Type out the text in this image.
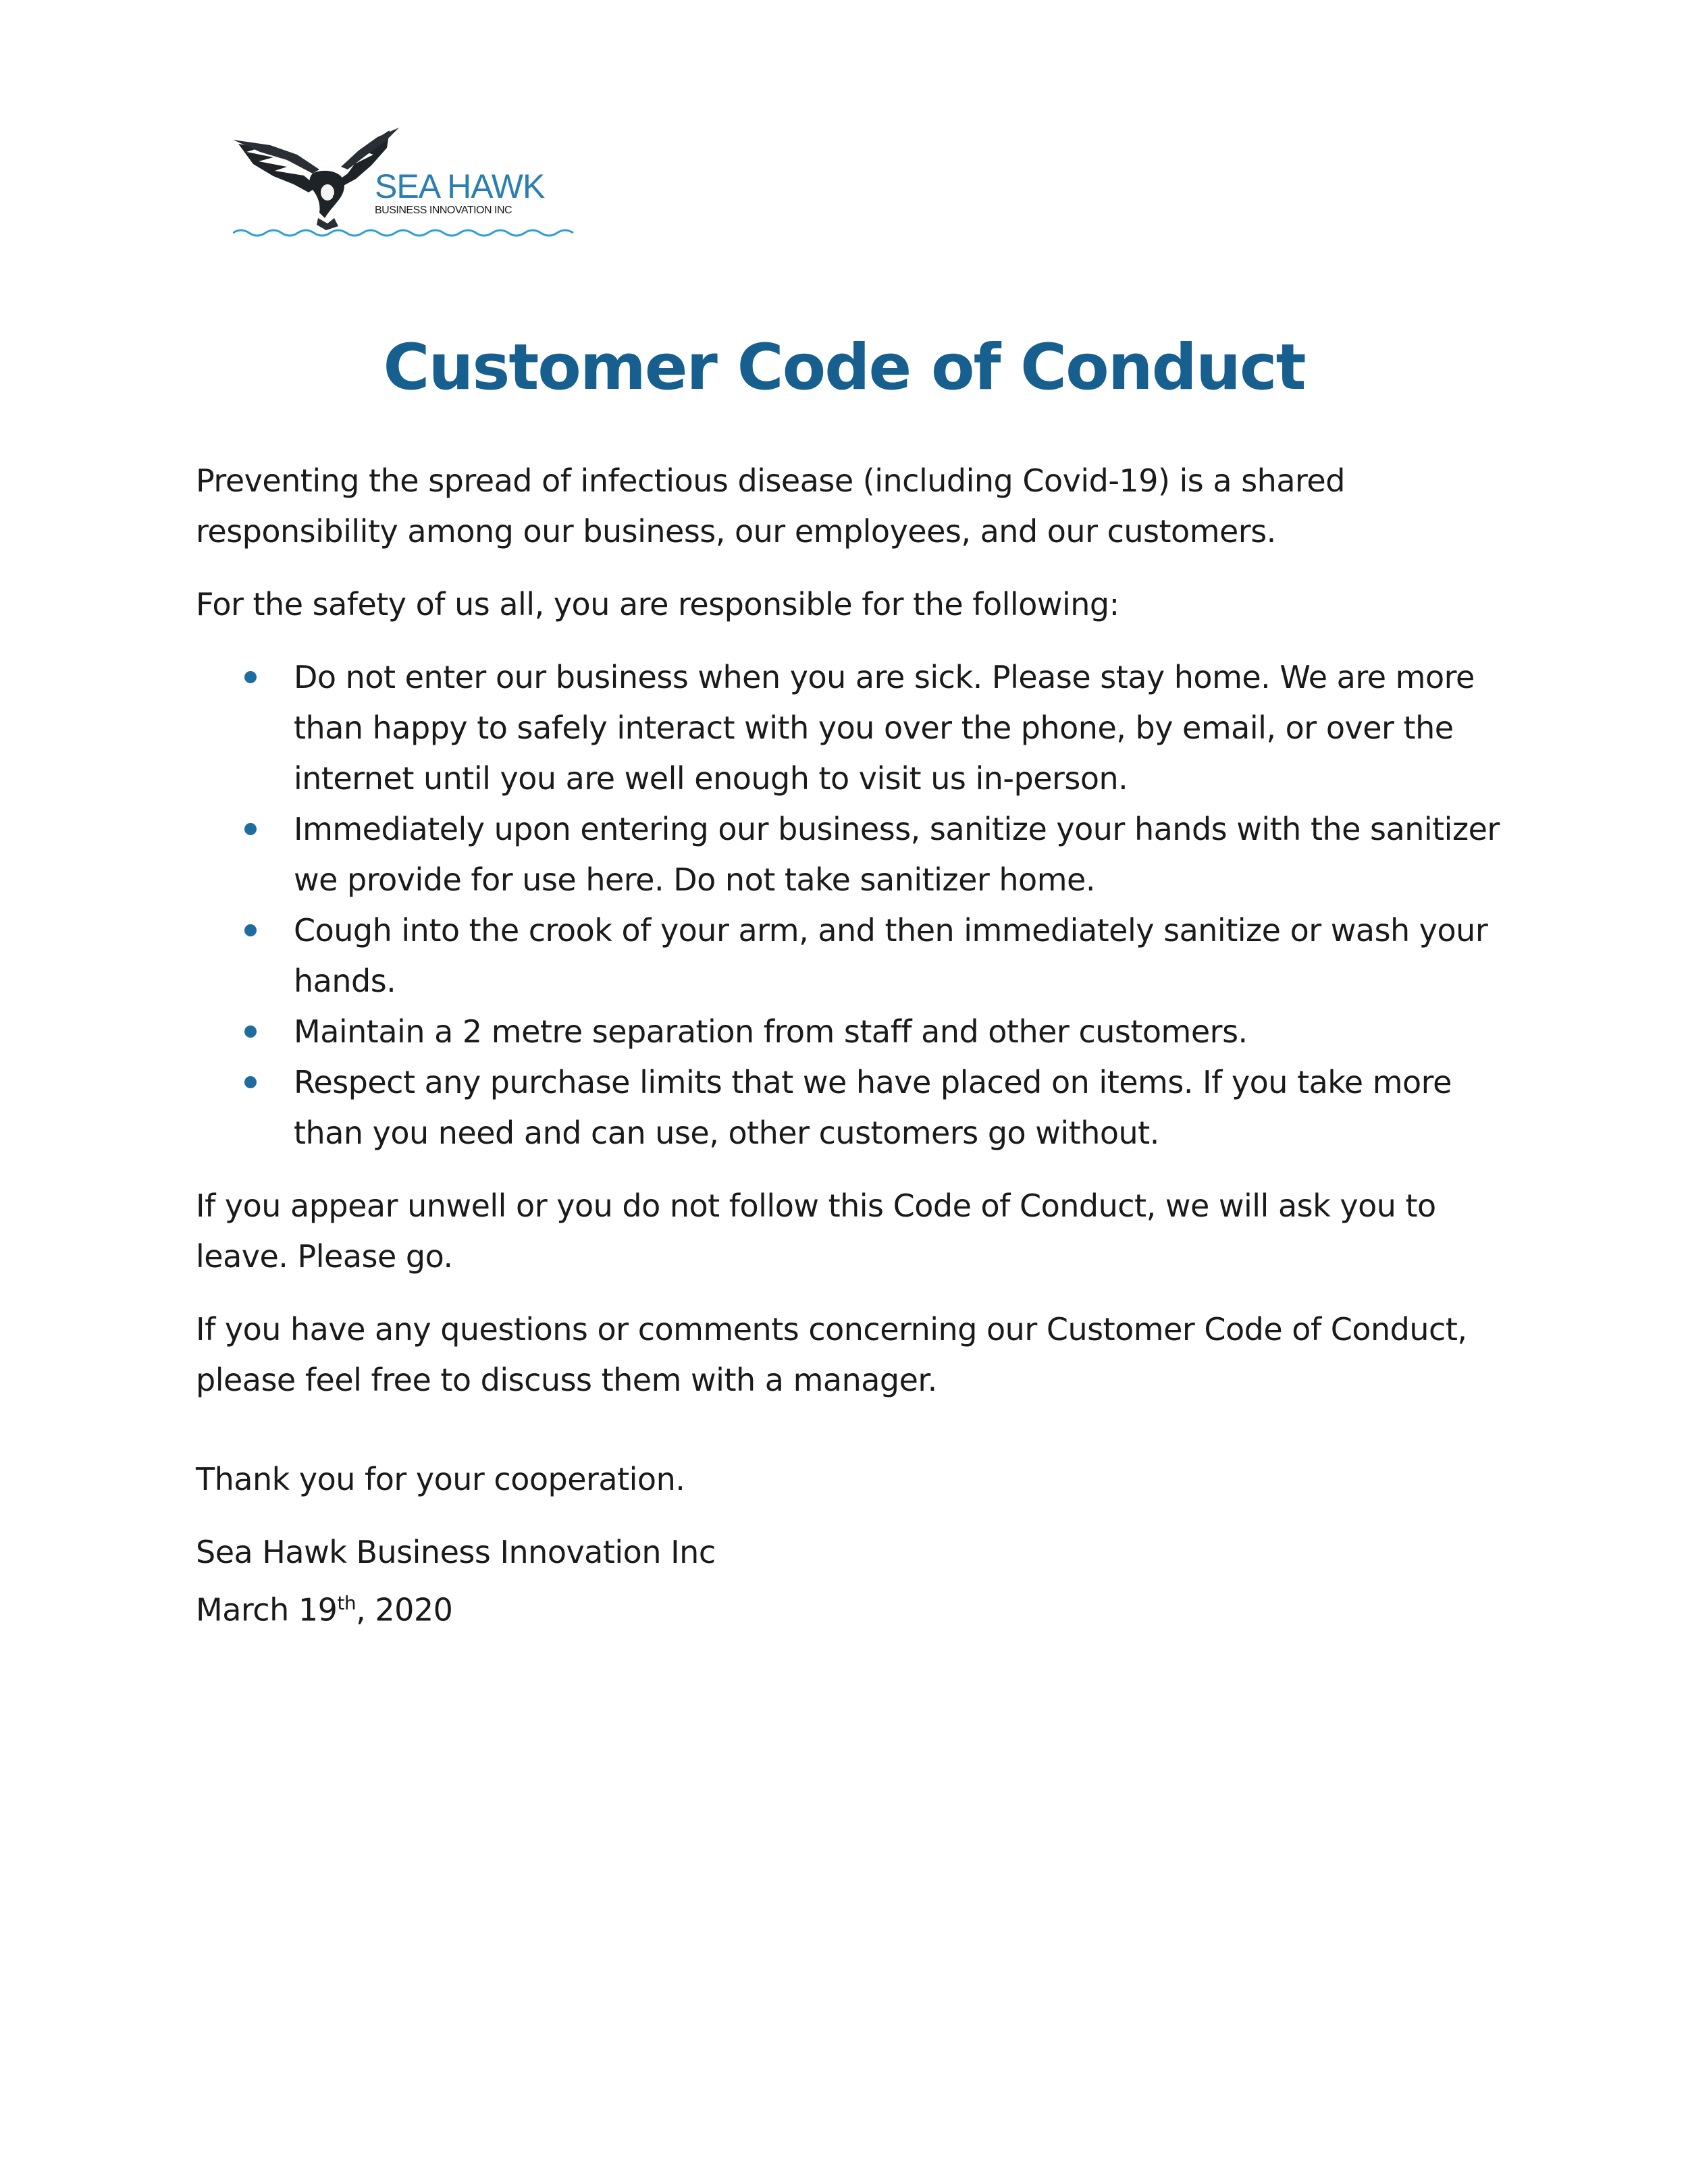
SEA HAWK
BUSINESS INNOVATION INC
Customer Code of Conduct

Preventing the spread of infectious disease (including Covid-19) is a shared responsibility among our business, our employees, and our customers.

For the safety of us all, you are responsible for the following:

Do not enter our business when you are sick. Please stay home. We are more than happy to safely interact with you over the phone, by email, or over the internet until you are well enough to visit us in-person.
Immediately upon entering our business, sanitize your hands with the sanitizer we provide for use here. Do not take sanitizer home.
Cough into the crook of your arm, and then immediately sanitize or wash your hands.
Maintain a 2 metre separation from staff and other customers.
Respect any purchase limits that we have placed on items. If you take more than you need and can use, other customers go without.

If you appear unwell or you do not follow this Code of Conduct, we will ask you to leave. Please go.

If you have any questions or comments concerning our Customer Code of Conduct, please feel free to discuss them with a manager.

Thank you for your cooperation.

Sea Hawk Business Innovation Inc

March 19th, 2020
